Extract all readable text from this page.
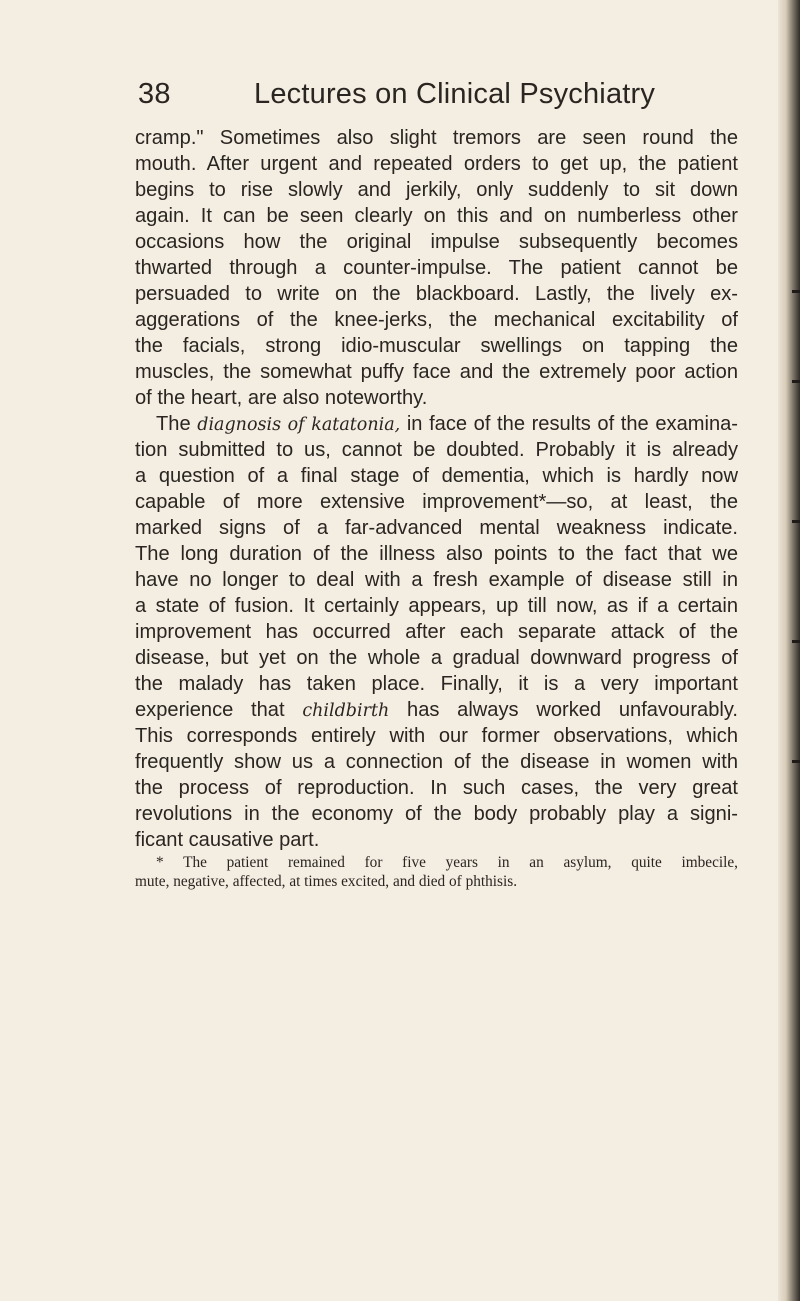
38	Lectures on Clinical Psychiatry
cramp." Sometimes also slight tremors are seen round the
mouth. After urgent and repeated orders to get up, the patient
begins to rise slowly and jerkily, only suddenly to sit down
again. It can be seen clearly on this and on numberless other
occasions how the original impulse subsequently becomes
thwarted through a counter-impulse. The patient cannot be
persuaded to write on the blackboard. Lastly, the lively ex-
aggerations of the knee-jerks, the mechanical excitability of
the facials, strong idio-muscular swellings on tapping the
muscles, the somewhat puffy face and the extremely poor action
of the heart, are also noteworthy.
The diagnosis of katatonia, in face of the results of the examina-
tion submitted to us, cannot be doubted. Probably it is already
a question of a final stage of dementia, which is hardly now
capable of more extensive improvement*—so, at least, the
marked signs of a far-advanced mental weakness indicate.
The long duration of the illness also points to the fact that we
have no longer to deal with a fresh example of disease still in
a state of fusion. It certainly appears, up till now, as if a certain
improvement has occurred after each separate attack of the
disease, but yet on the whole a gradual downward progress of
the malady has taken place. Finally, it is a very important
experience that childbirth has always worked unfavourably.
This corresponds entirely with our former observations, which
frequently show us a connection of the disease in women with
the process of reproduction. In such cases, the very great
revolutions in the economy of the body probably play a signi-
ficant causative part.
* The patient remained for five years in an asylum, quite imbecile,
mute, negative, affected, at times excited, and died of phthisis.
